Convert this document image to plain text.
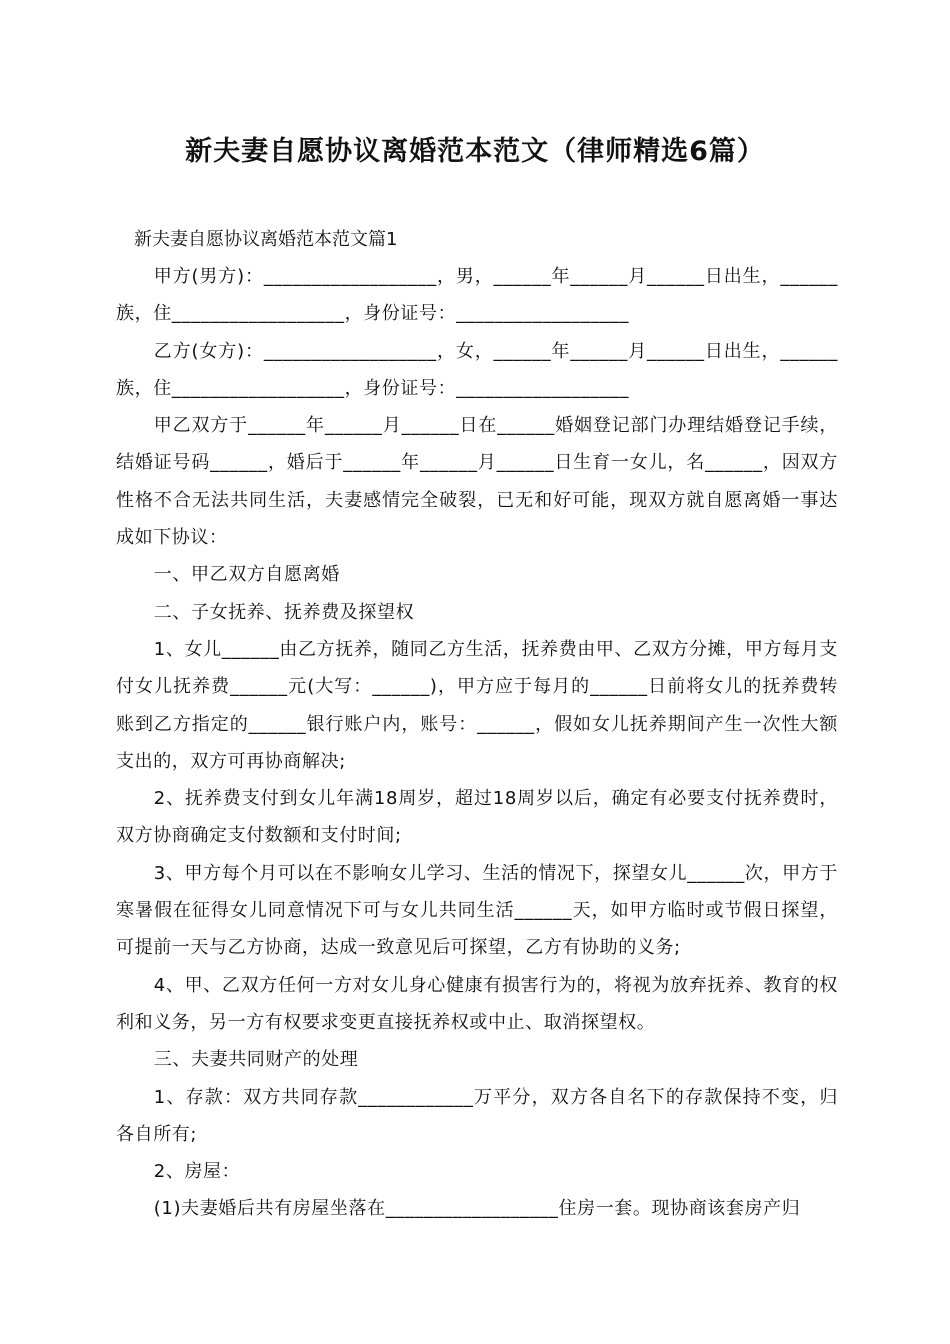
新夫妻自愿协议离婚范本范文（律师精选6篇）
新夫妻自愿协议离婚范本范文篇1

甲方(男方)：__________________，男，______年______月______日出生，______族，住__________________，身份证号：__________________

乙方(女方)：__________________，女，______年______月______日出生，______族，住__________________，身份证号：__________________

甲乙双方于______年______月______日在______婚姻登记部门办理结婚登记手续，结婚证号码______，婚后于______年______月______日生育一女儿，名______，因双方性格不合无法共同生活，夫妻感情完全破裂，已无和好可能，现双方就自愿离婚一事达成如下协议：

一、甲乙双方自愿离婚

二、子女抚养、抚养费及探望权

1、女儿______由乙方抚养，随同乙方生活，抚养费由甲、乙双方分摊，甲方每月支付女儿抚养费______元(大写：______)，甲方应于每月的______日前将女儿的抚养费转账到乙方指定的______银行账户内，账号：______，假如女儿抚养期间产生一次性大额支出的，双方可再协商解决;

2、抚养费支付到女儿年满18周岁，超过18周岁以后，确定有必要支付抚养费时，双方协商确定支付数额和支付时间;

3、甲方每个月可以在不影响女儿学习、生活的情况下，探望女儿______次，甲方于寒暑假在征得女儿同意情况下可与女儿共同生活______天，如甲方临时或节假日探望，可提前一天与乙方协商，达成一致意见后可探望，乙方有协助的义务;

4、甲、乙双方任何一方对女儿身心健康有损害行为的，将视为放弃抚养、教育的权利和义务，另一方有权要求变更直接抚养权或中止、取消探望权。

三、夫妻共同财产的处理

1、存款：双方共同存款____________万平分，双方各自名下的存款保持不变，归各自所有;

2、房屋：

(1)夫妻婚后共有房屋坐落在__________________住房一套。现协商该套房产归
